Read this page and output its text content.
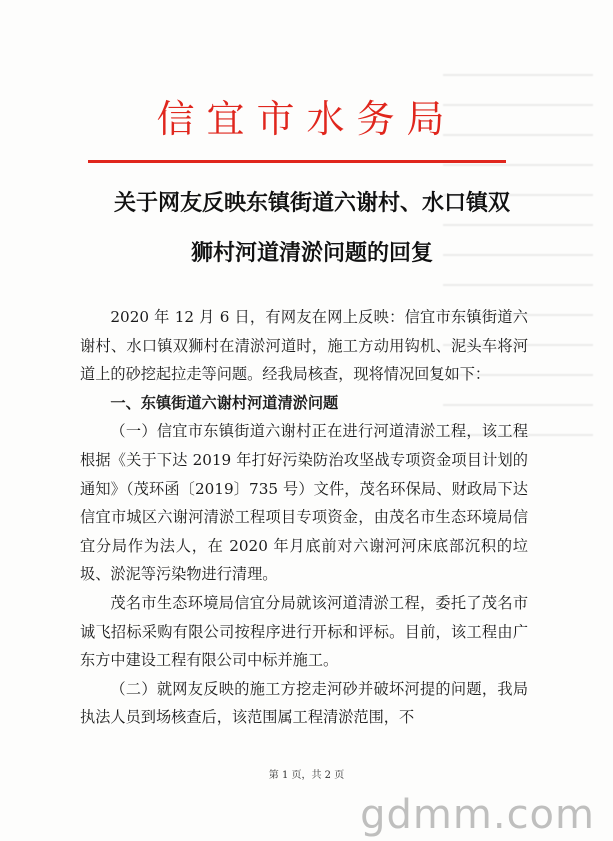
信宜市水务局
关于网友反映东镇街道六谢村、水口镇双
狮村河道清淤问题的回复

2020 年 12 月 6 日，有网友在网上反映：信宜市东镇街道六谢村、水口镇双狮村在清淤河道时，施工方动用钩机、泥头车将河道上的砂挖起拉走等问题。经我局核查，现将情况回复如下：

一、东镇街道六谢村河道清淤问题

（一）信宜市东镇街道六谢村正在进行河道清淤工程，该工程根据《关于下达 2019 年打好污染防治攻坚战专项资金项目计划的通知》（茂环函〔2019〕735 号）文件，茂名环保局、财政局下达信宜市城区六谢河清淤工程项目专项资金，由茂名市生态环境局信宜分局作为法人，在 2020 年月底前对六谢河河床底部沉积的垃圾、淤泥等污染物进行清理。

茂名市生态环境局信宜分局就该河道清淤工程，委托了茂名市诚飞招标采购有限公司按程序进行开标和评标。目前，该工程由广东方中建设工程有限公司中标并施工。

（二）就网友反映的施工方挖走河砂并破坏河提的问题，我局执法人员到场核查后，该范围属工程清淤范围，不

第 1 页，共 2 页
gdmm.com
